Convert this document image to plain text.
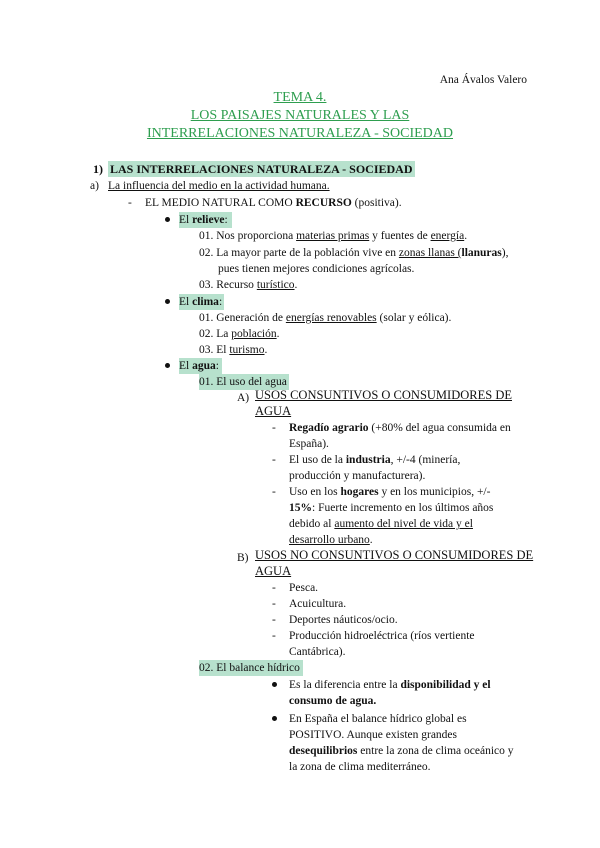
Ana Ávalos Valero
TEMA 4.
LOS PAISAJES NATURALES Y LAS
INTERRELACIONES NATURALEZA - SOCIEDAD
1) LAS INTERRELACIONES NATURALEZA - SOCIEDAD
a) La influencia del medio en la actividad humana.
- EL MEDIO NATURAL COMO RECURSO (positiva).
El relieve:
01. Nos proporciona materias primas y fuentes de energía.
02. La mayor parte de la población vive en zonas llanas (llanuras),
pues tienen mejores condiciones agrícolas.
03. Recurso turístico.
El clima:
01. Generación de energías renovables (solar y eólica).
02. La población.
03. El turismo.
El agua:
01. El uso del agua
A) USOS CONSUNTIVOS O CONSUMIDORES DE
AGUA
- Regadío agrario (+80% del agua consumida en
España).
- El uso de la industria, +/-4 (minería,
producción y manufacturera).
- Uso en los hogares y en los municipios, +/-
15%: Fuerte incremento en los últimos años
debido al aumento del nivel de vida y el
desarrollo urbano.
B) USOS NO CONSUNTIVOS O CONSUMIDORES DE
AGUA
- Pesca.
- Acuicultura.
- Deportes náuticos/ocio.
- Producción hidroeléctrica (ríos vertiente
Cantábrica).
02. El balance hídrico
Es la diferencia entre la disponibilidad y el
consumo de agua.
En España el balance hídrico global es
POSITIVO. Aunque existen grandes
desequilibrios entre la zona de clima oceánico y
la zona de clima mediterráneo.
